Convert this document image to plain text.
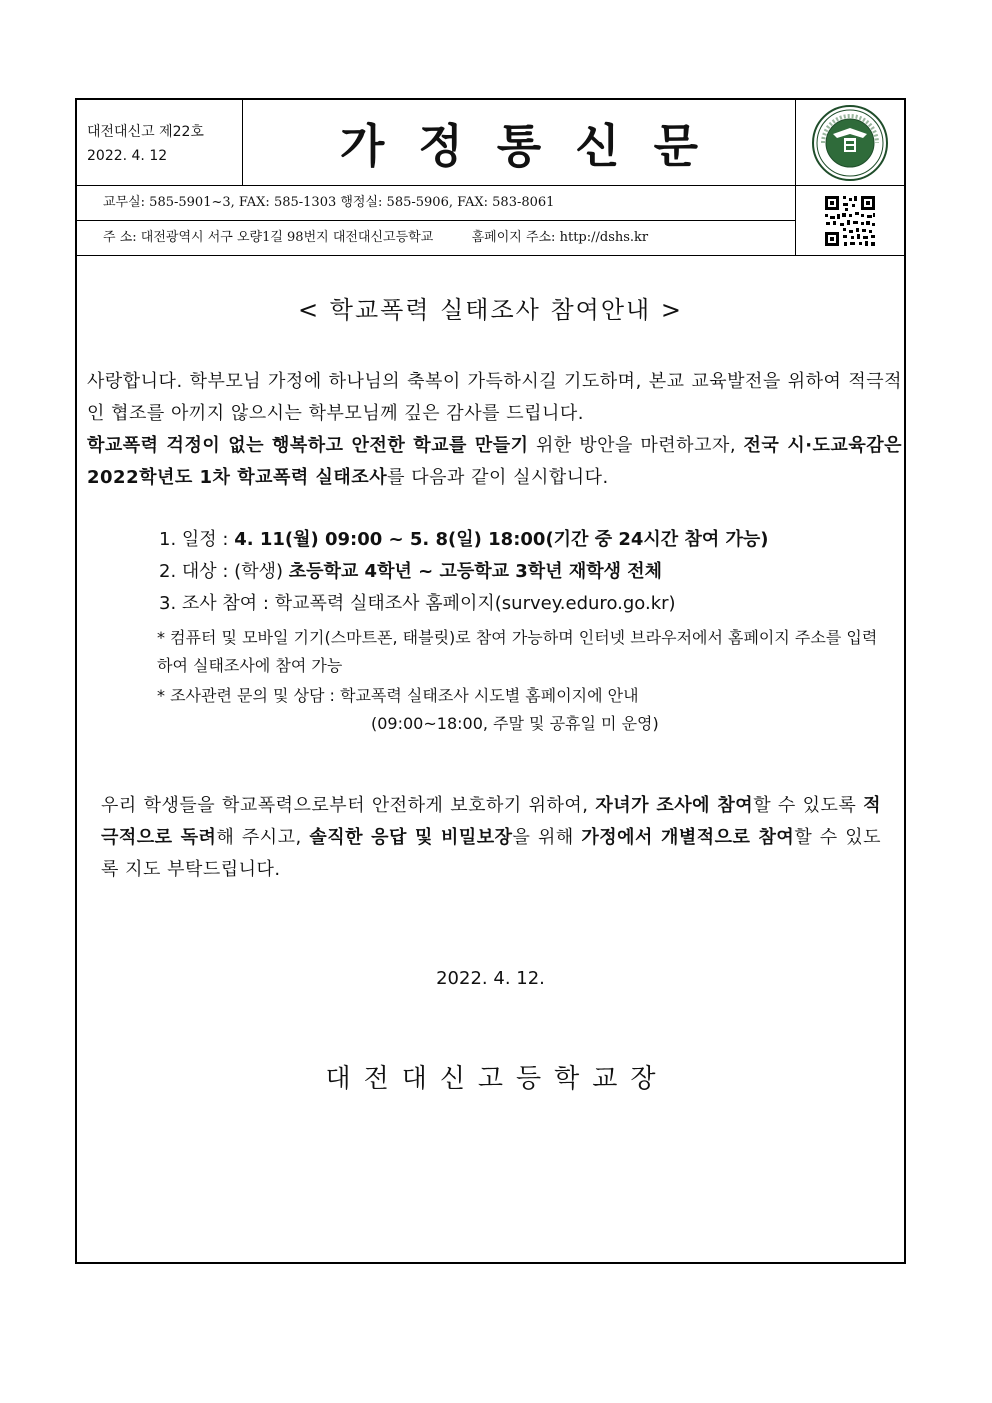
대전대신고 제22호
2022. 4. 12	가정통신문
교무실: 585-5901~3, FAX: 585-1303 행정실: 585-5906, FAX: 583-8061
주 소: 대전광역시 서구 오량1길 98번지 대전대신고등학교	홈페이지 주소: http://dshs.kr
< 학교폭력 실태조사 참여안내 >
사랑합니다. 학부모님 가정에 하나님의 축복이 가득하시길 기도하며, 본교 교육발전을 위하여 적극적인 협조를 아끼지 않으시는 학부모님께 깊은 감사를 드립니다.
학교폭력 걱정이 없는 행복하고 안전한 학교를 만들기 위한 방안을 마련하고자, 전국 시·도교육감은 2022학년도 1차 학교폭력 실태조사를 다음과 같이 실시합니다.
1. 일정 : 4. 11(월) 09:00 ~ 5. 8(일) 18:00(기간 중 24시간 참여 가능)
2. 대상 : (학생) 초등학교 4학년 ~ 고등학교 3학년 재학생 전체
3. 조사 참여 : 학교폭력 실태조사 홈페이지(survey.eduro.go.kr)
* 컴퓨터 및 모바일 기기(스마트폰, 태블릿)로 참여 가능하며 인터넷 브라우저에서 홈페이지 주소를 입력하여 실태조사에 참여 가능
* 조사관련 문의 및 상담 : 학교폭력 실태조사 시도별 홈페이지에 안내
(09:00~18:00, 주말 및 공휴일 미 운영)
우리 학생들을 학교폭력으로부터 안전하게 보호하기 위하여, 자녀가 조사에 참여할 수 있도록 적극적으로 독려해 주시고, 솔직한 응답 및 비밀보장을 위해 가정에서 개별적으로 참여할 수 있도록 지도 부탁드립니다.
2022. 4. 12.
대전대신고등학교장
